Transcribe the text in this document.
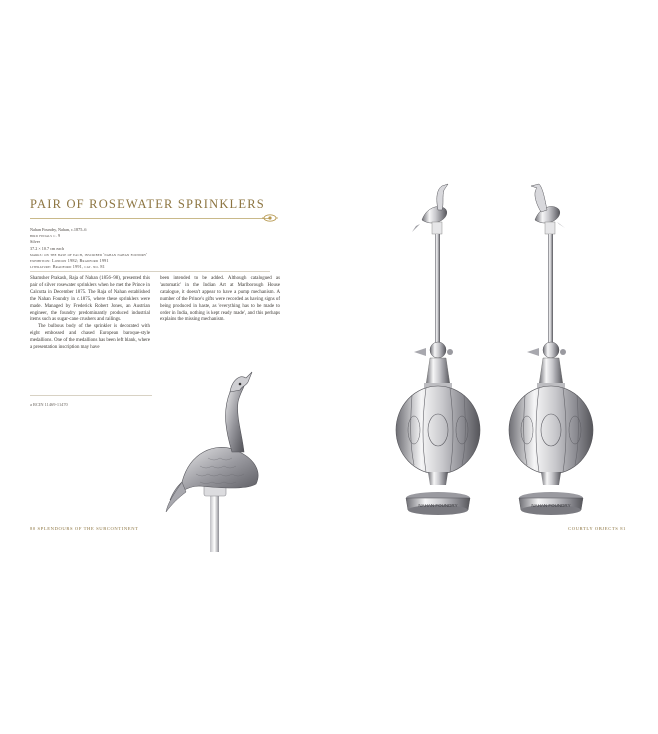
PAIR OF ROSEWATER SPRINKLERS
Nahan Foundry, Nahan, c.1875–6
bird finials c. 9
Silver
37.2 × 10.7 cm each
marks: on the base of each, inscribed 'nahan nahan foundry'
exhibition: London 1982; Bradford 1991
literature: Bradford 1991, cat. no. 81

Shamsher Prakash, Raja of Nahan (1856–98), presented this pair of silver rosewater sprinklers when he met the Prince in Calcutta in December 1875. The Raja of Nahan established the Nahan Foundry in c.1875, where these sprinklers were made. Managed by Frederick Robert Jones, an Austrian engineer, the foundry predominantly produced industrial items such as sugar-cane crushers and railings.

The bulbous body of the sprinkler is decorated with eight embossed and chased European baroque-style medallions. One of the medallions has been left blank, where a presentation inscription may have

been intended to be added. Although catalogued as 'automatic' in the Indian Art at Marlborough House catalogue, it doesn't appear to have a pump mechanism. A number of the Prince's gifts were recorded as having signs of being produced in haste, as 'everything has to be made to order in India, nothing is kept ready made', and this perhaps explains the missing mechanism.

a RCIN 11469-11470
80 SPLENDOURS OF THE SUBCONTINENT
NAHAN FOUNDRY	NAHAN FOUNDRY
COURTLY OBJECTS 81
